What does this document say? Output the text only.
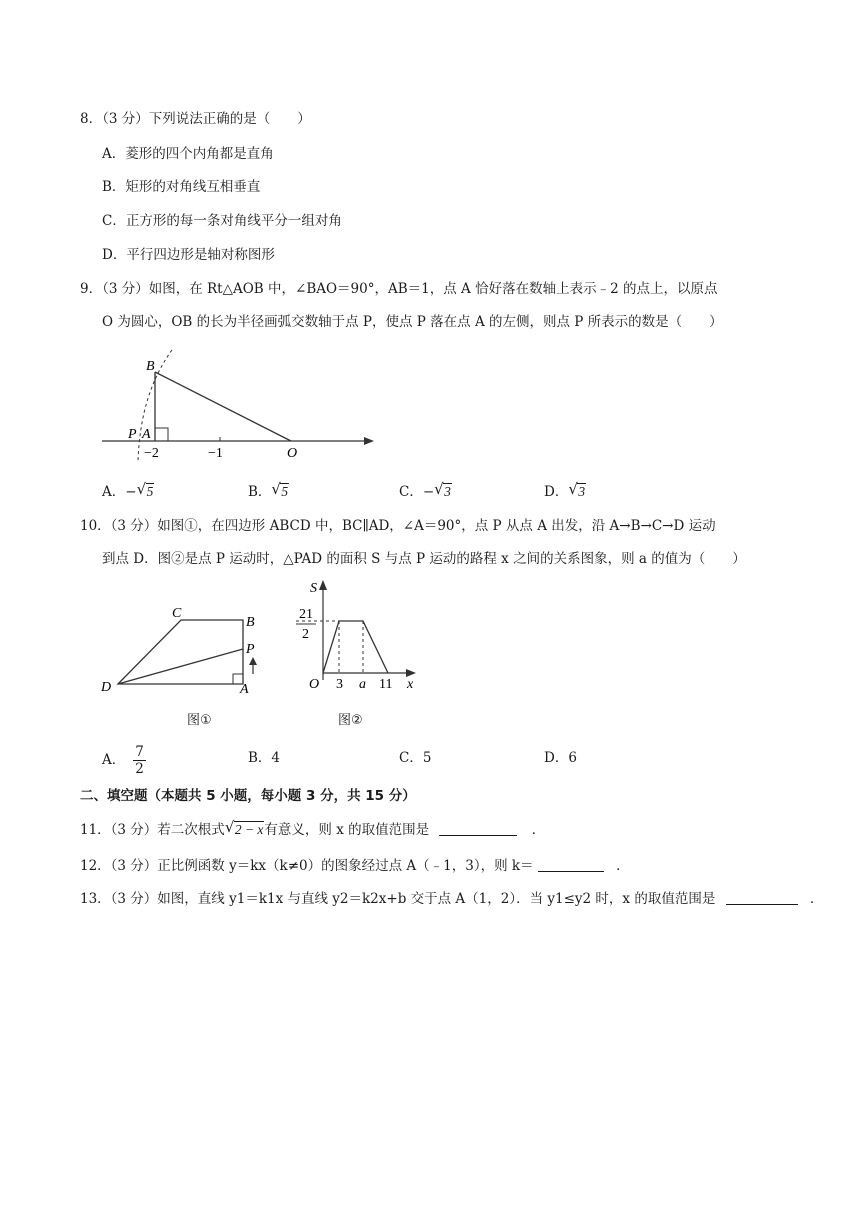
8．（3 分）下列说法正确的是（　　）
A．菱形的四个内角都是直角
B．矩形的对角线互相垂直
C．正方形的每一条对角线平分一组对角
D．平行四边形是轴对称图形
9．（3 分）如图，在 Rt△AOB 中，∠BAO＝90°，AB＝1，点 A 恰好落在数轴上表示﹣2 的点上，以原点
O 为圆心，OB 的长为半径画弧交数轴于点 P，使点 P 落在点 A 的左侧，则点 P 所表示的数是（　　）
B
P A
−2	−1	O
A．− √ 5	B． √ 5	C．− √ 3	D． √ 3
10．（3 分）如图①，在四边形 ABCD 中，BC∥AD，∠A＝90°，点 P 从点 A 出发，沿 A→B→C→D 运动
到点 D．图②是点 P 运动时，△PAD 的面积 S 与点 P 运动的路程 x 之间的关系图象，则 a 的值为（　　）
C
B
P
D	A
S
21
2
O 3 a 11 x
图①	图②
A． $\frac{7}{2}$	B．4	C．5	D．6
二、填空题（本题共 5 小题，每小题 3 分，共 15 分）
11．（3 分）若二次根式 √ 2 − x有意义，则 x 的取值范围是	．
12．（3 分）正比例函数 y＝kx（k≠0）的图象经过点 A（﹣1，3），则 k＝	．
13．（3 分）如图，直线 y1＝k1x 与直线 y2＝k2x+b 交于点 A（1，2）．当 y1≤y2 时，x 的取值范围是	．
